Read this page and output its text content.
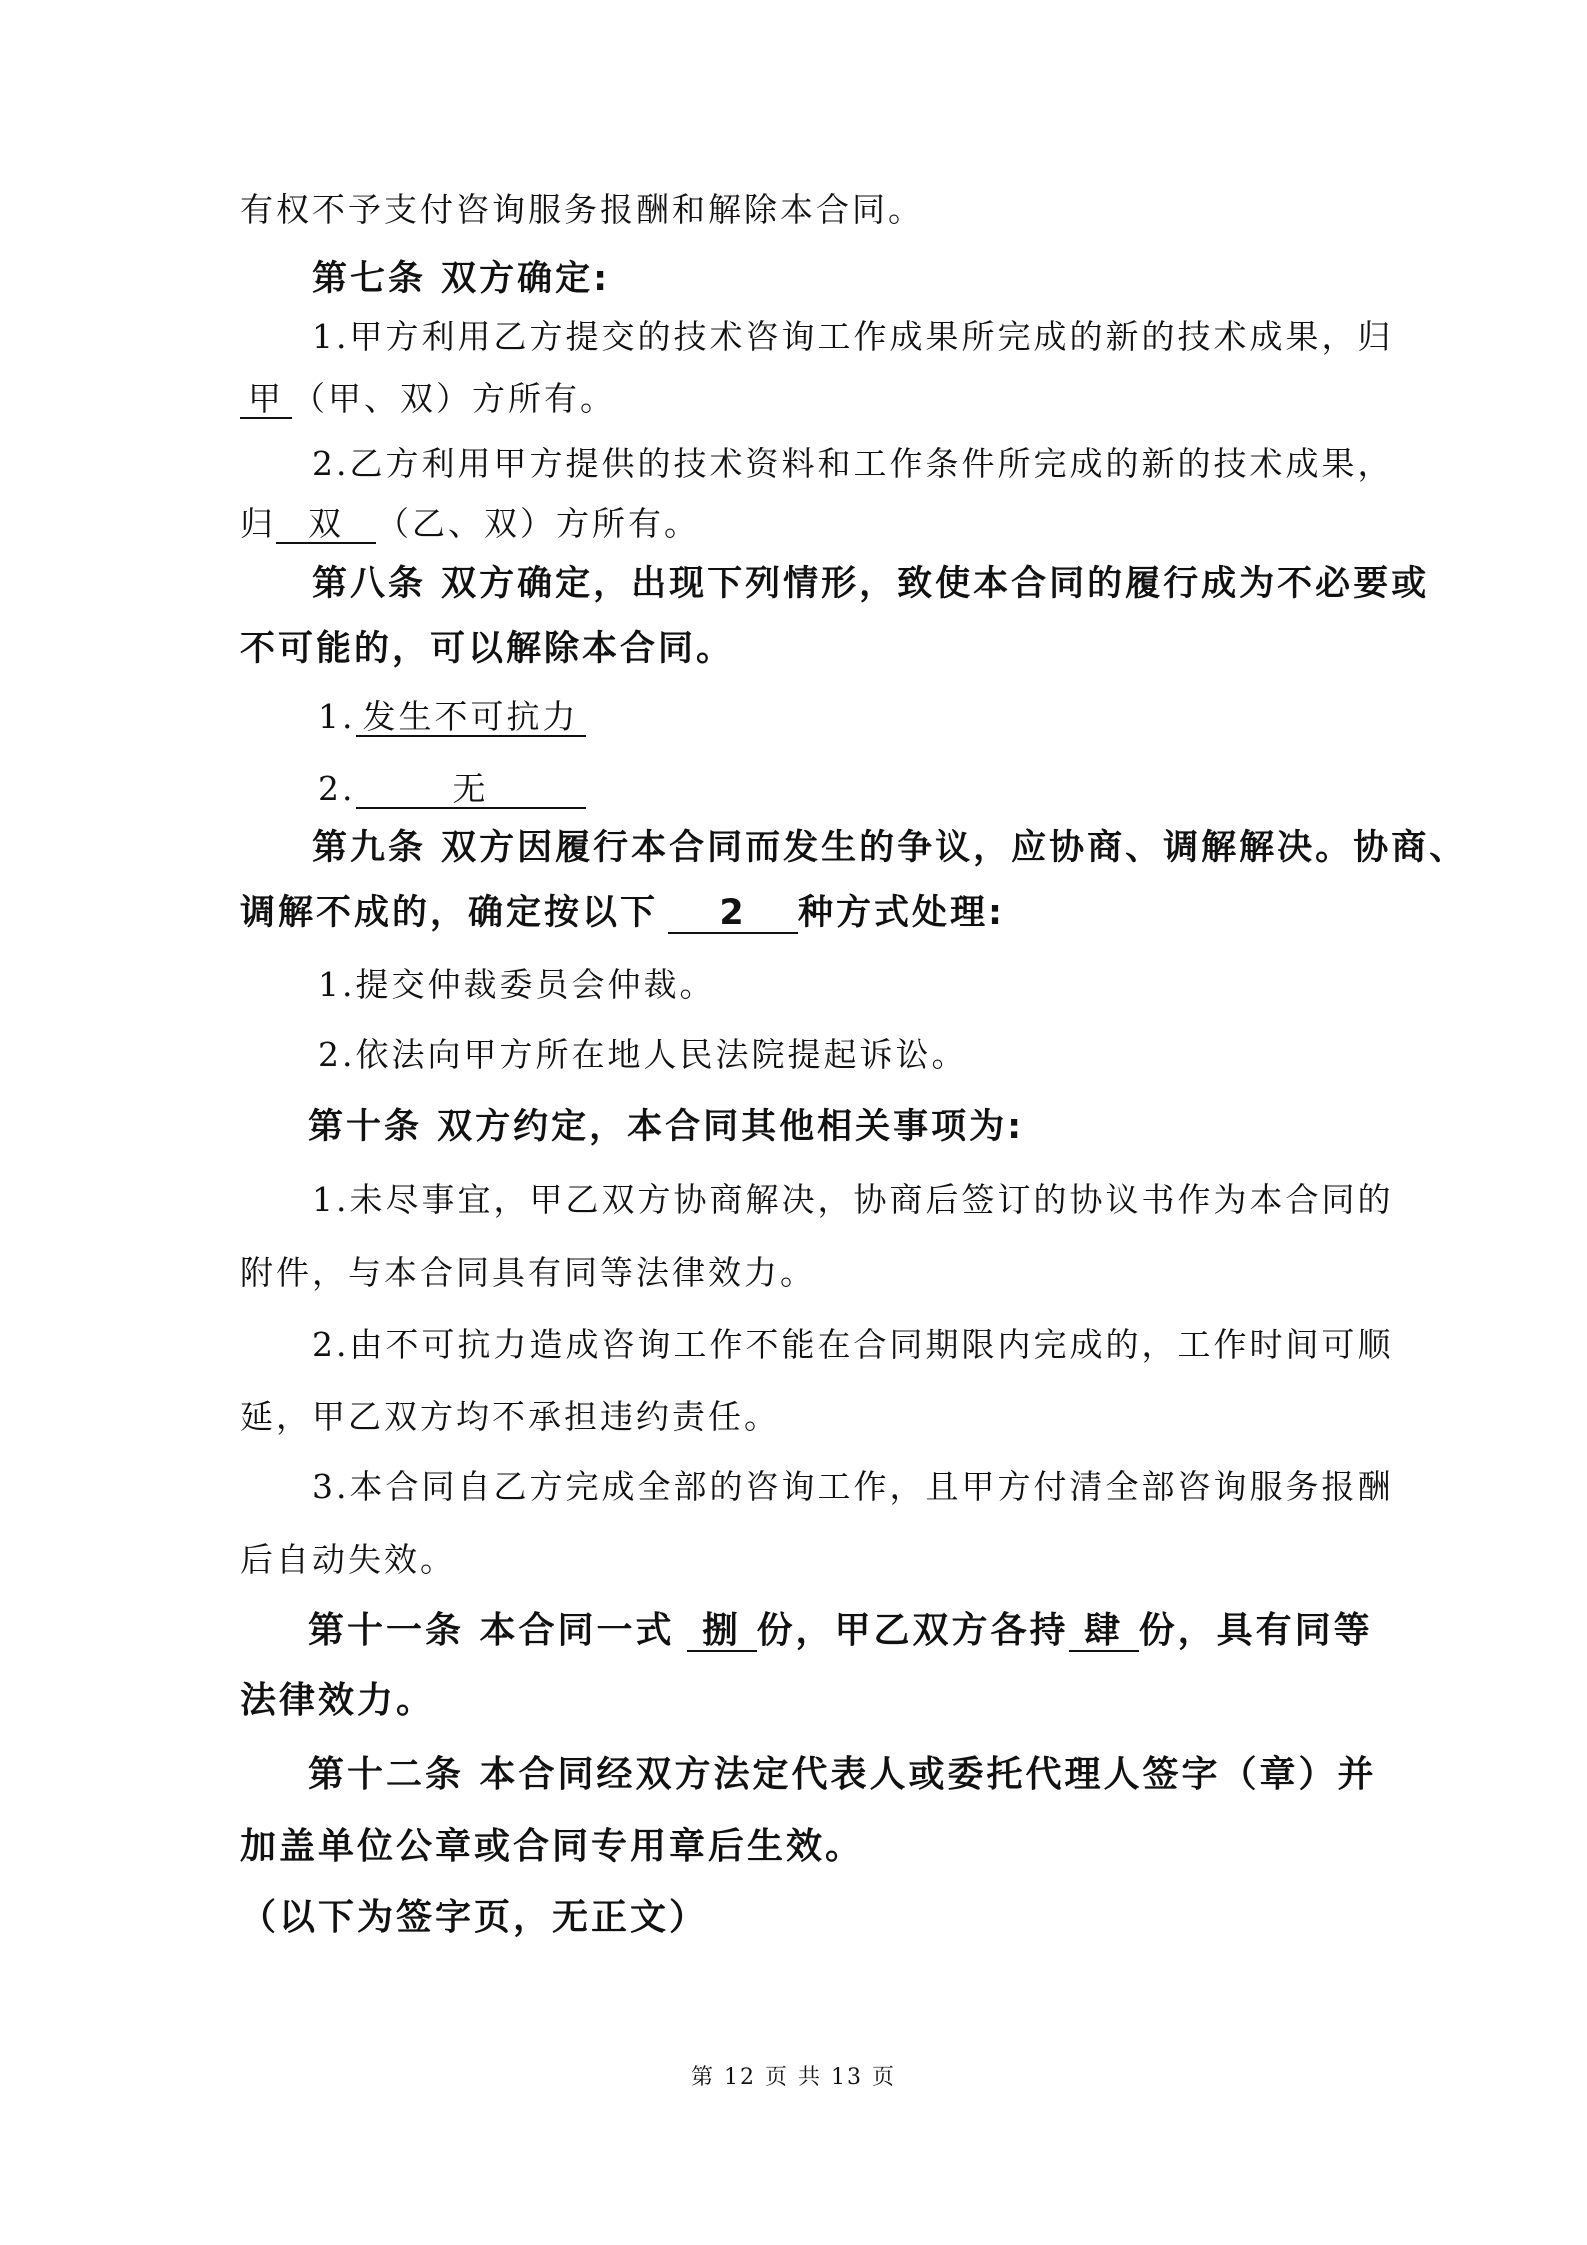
有权不予支付咨询服务报酬和解除本合同。
第七条 双方确定:
1.甲方利用乙方提交的技术咨询工作成果所完成的新的技术成果，归
甲 （甲、双）方所有。
2.乙方利用甲方提供的技术资料和工作条件所完成的新的技术成果，
归 双 （乙、双）方所有。
第八条 双方确定，出现下列情形，致使本合同的履行成为不必要或
不可能的，可以解除本合同。
1. 发生不可抗力
2.	无
第九条 双方因履行本合同而发生的争议，应协商、调解解决。协商、
调解不成的，确定按以下 2 种方式处理:
1.提交仲裁委员会仲裁。
2.依法向甲方所在地人民法院提起诉讼。
第十条 双方约定，本合同其他相关事项为:
1.未尽事宜，甲乙双方协商解决，协商后签订的协议书作为本合同的
附件，与本合同具有同等法律效力。
2.由不可抗力造成咨询工作不能在合同期限内完成的，工作时间可顺
延，甲乙双方均不承担违约责任。
3.本合同自乙方完成全部的咨询工作，且甲方付清全部咨询服务报酬
后自动失效。
第十一条 本合同一式 捌 份，甲乙双方各持 肆 份，具有同等
法律效力。
第十二条 本合同经双方法定代表人或委托代理人签字（章）并
加盖单位公章或合同专用章后生效。
（以下为签字页，无正文）
第 12 页 共 13 页
